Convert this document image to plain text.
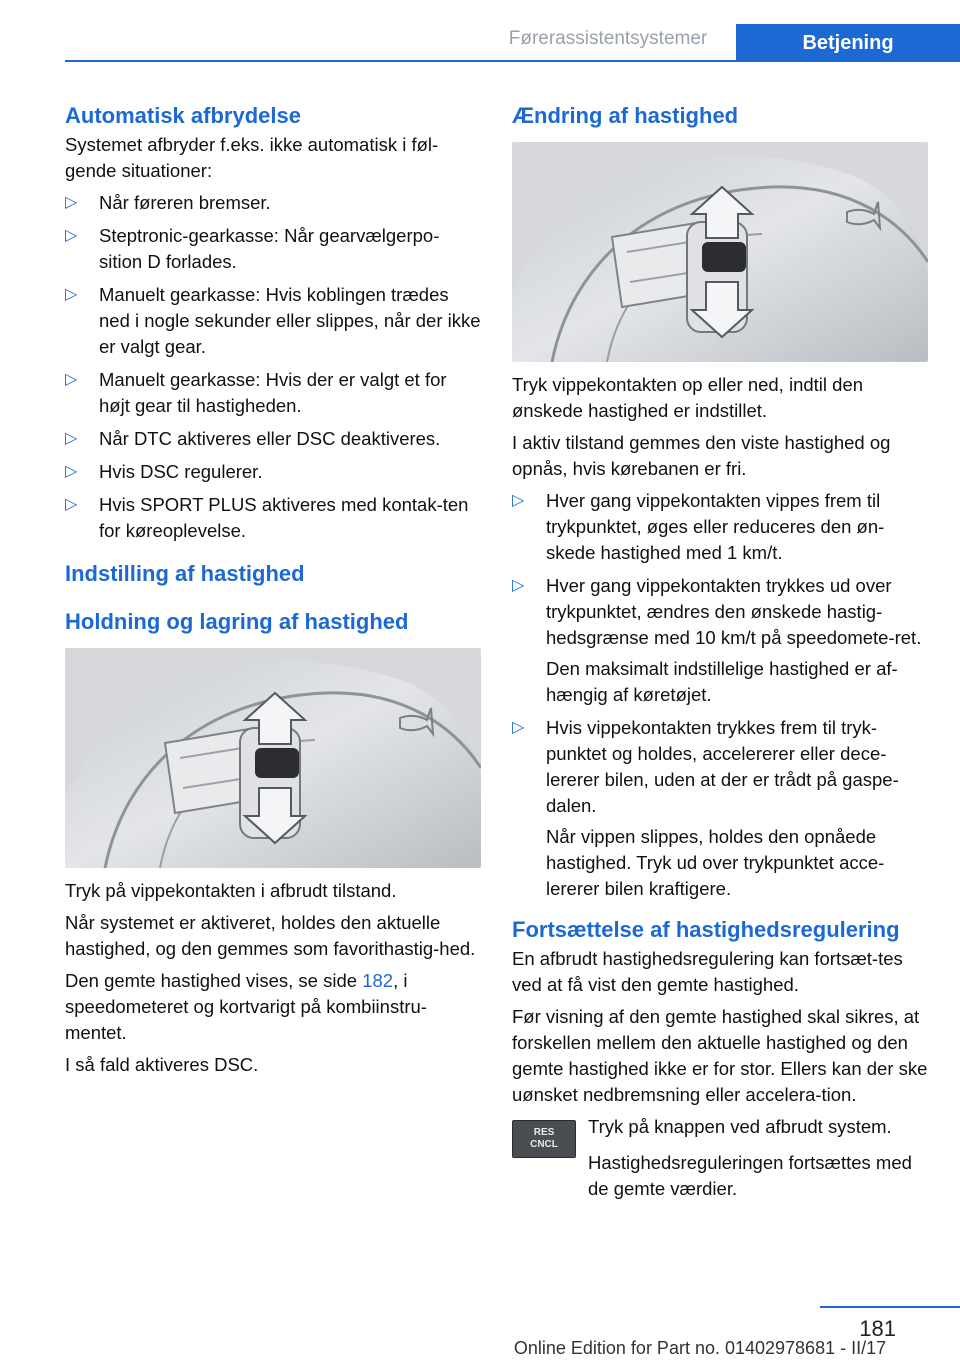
Førerassistentsystemer	Betjening
Automatisk afbrydelse

Systemet afbryder f.eks. ikke automatisk i føl-gende situationer:

▷ Når føreren bremser.
▷ Steptronic-gearkasse: Når gearvælgerpo-sition D forlades.
▷ Manuelt gearkasse: Hvis koblingen trædes ned i nogle sekunder eller slippes, når der ikke er valgt gear.
▷ Manuelt gearkasse: Hvis der er valgt et for højt gear til hastigheden.
▷ Når DTC aktiveres eller DSC deaktiveres.
▷ Hvis DSC regulerer.
▷ Hvis SPORT PLUS aktiveres med kontak-ten for køreoplevelse.
Indstilling af hastighed
Holdning og lagring af hastighed

Tryk på vippekontakten i afbrudt tilstand.

Når systemet er aktiveret, holdes den aktuelle hastighed, og den gemmes som favorithastig-hed.

Den gemte hastighed vises, se side 182, i speedometeret og kortvarigt på kombiinstru-mentet.

I så fald aktiveres DSC.

Ændring af hastighed

Tryk vippekontakten op eller ned, indtil den ønskede hastighed er indstillet.

I aktiv tilstand gemmes den viste hastighed og opnås, hvis kørebanen er fri.

▷ Hver gang vippekontakten vippes frem til trykpunktet, øges eller reduceres den øn-skede hastighed med 1 km/t.
▷ Hver gang vippekontakten trykkes ud over trykpunktet, ændres den ønskede hastig-hedsgrænse med 10 km/t på speedomete-ret.
Den maksimalt indstillelige hastighed er af-hængig af køretøjet.
▷ Hvis vippekontakten trykkes frem til tryk-punktet og holdes, accelererer eller dece-lererer bilen, uden at der er trådt på gaspe-dalen.
Når vippen slippes, holdes den opnåede hastighed. Tryk ud over trykpunktet acce-lererer bilen kraftigere.
Fortsættelse af hastighedsregulering

En afbrudt hastighedsregulering kan fortsæt-tes ved at få vist den gemte hastighed.

Før visning af den gemte hastighed skal sikres, at forskellen mellem den aktuelle hastighed og den gemte hastighed ikke er for stor. Ellers kan der ske uønsket nedbremsning eller accelera-tion.

RES
CNCL

Tryk på knappen ved afbrudt system.

Hastighedsreguleringen fortsættes med de gemte værdier.

181
Online Edition for Part no. 01402978681 - II/17
